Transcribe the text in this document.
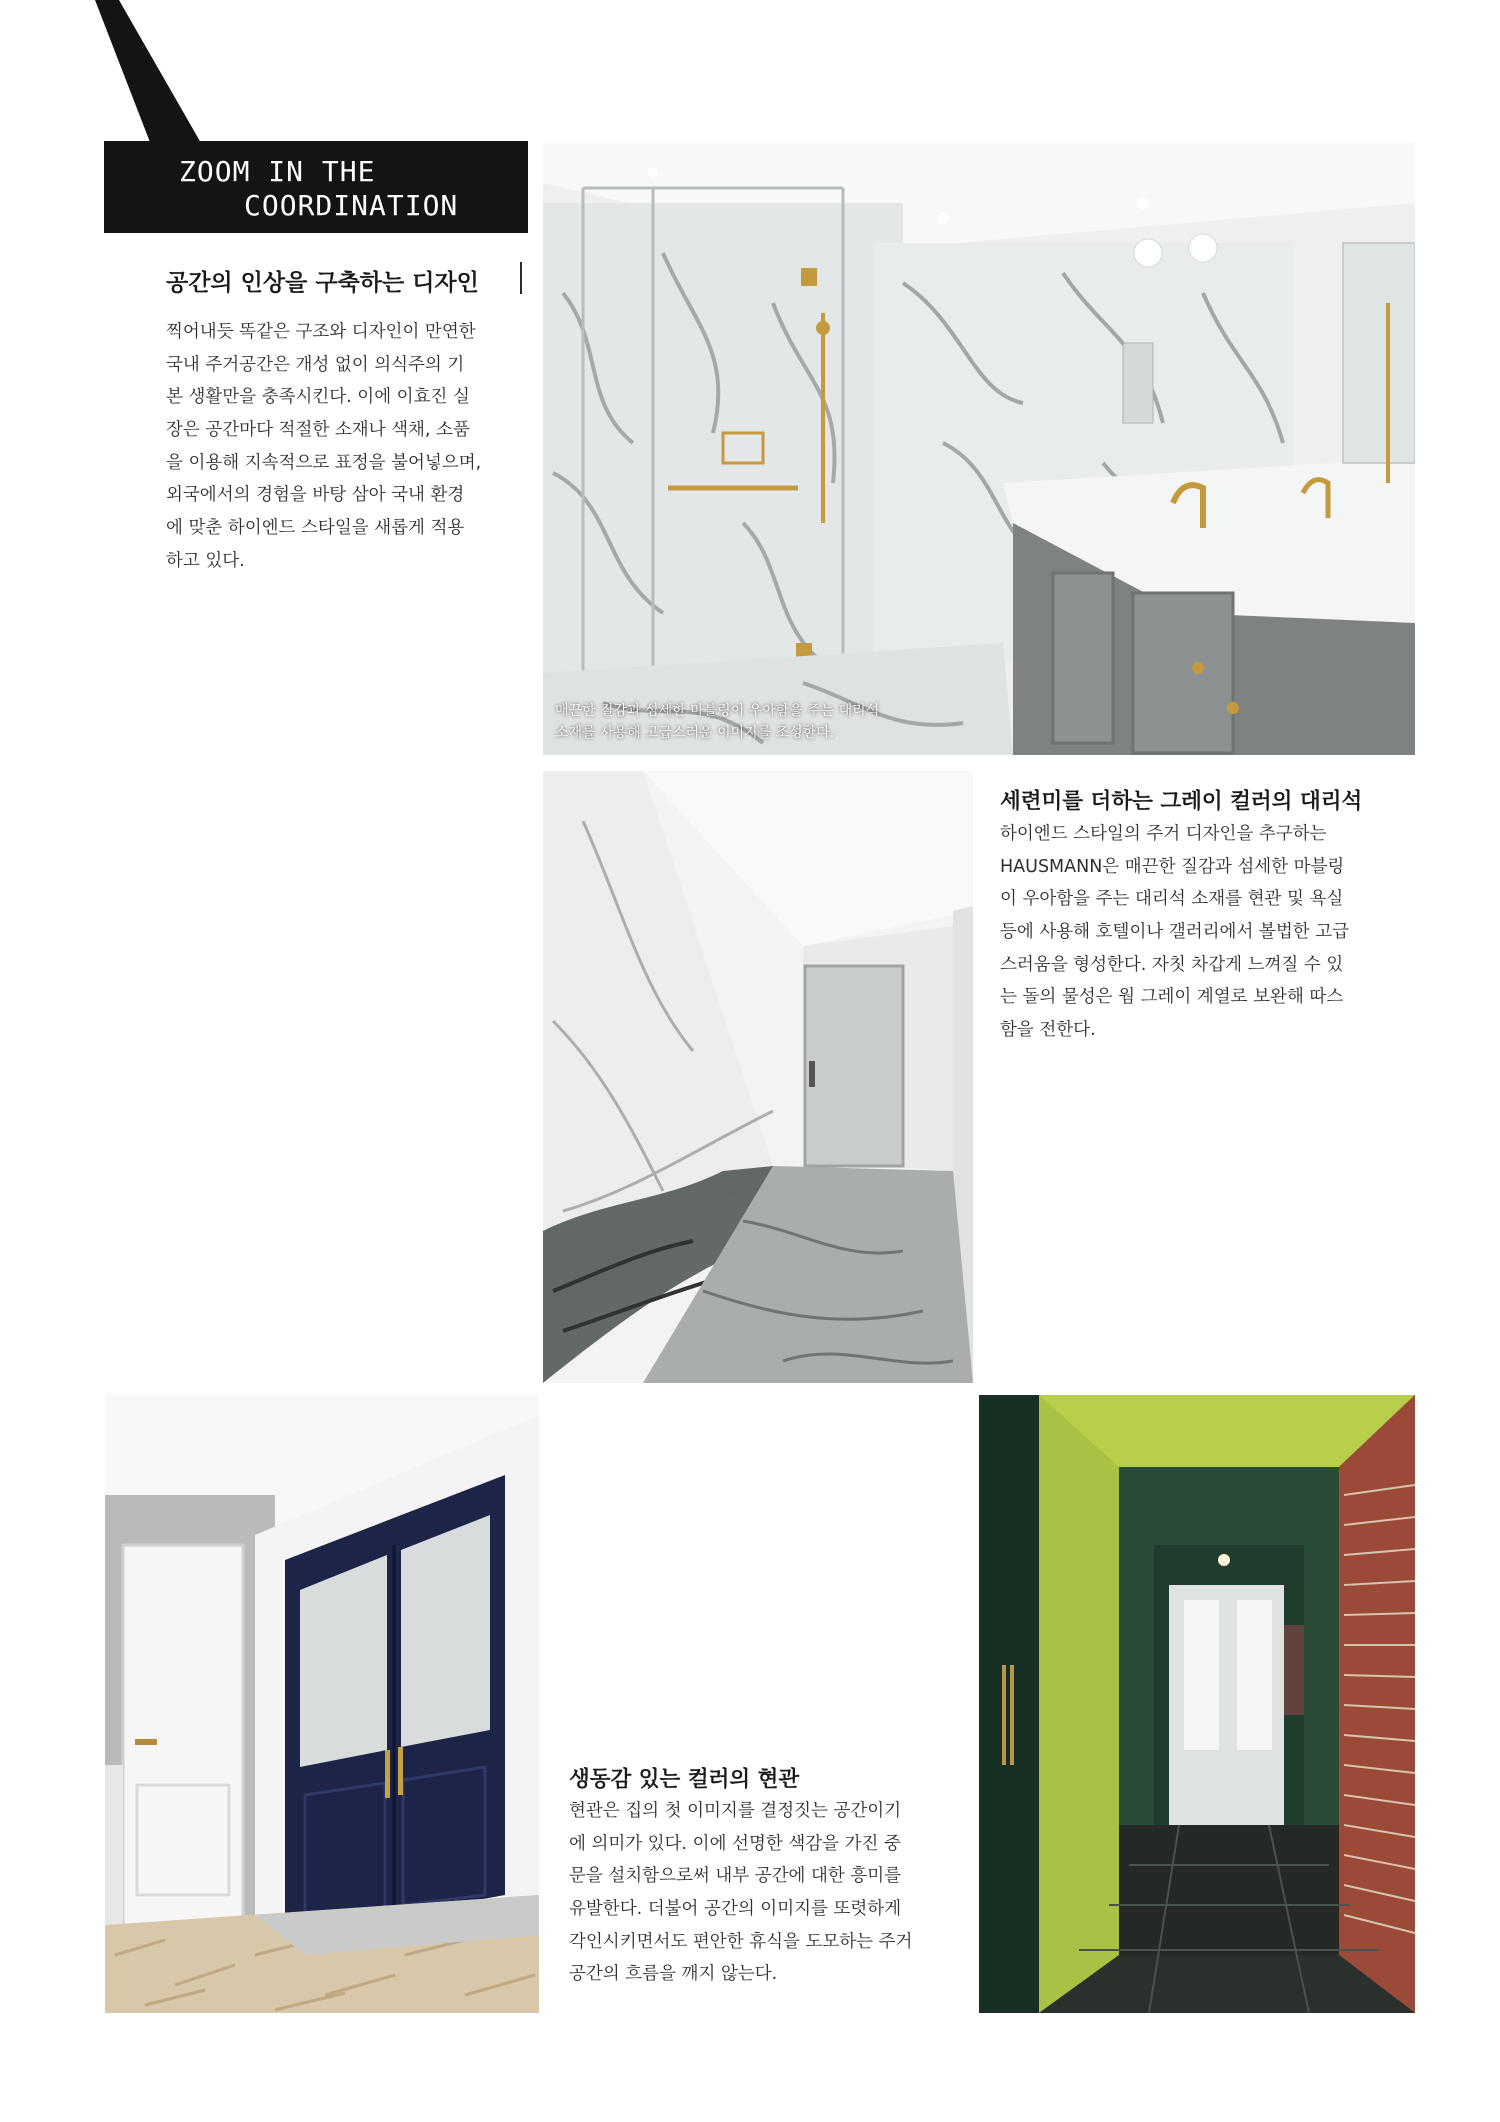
ZOOM IN THE
COORDINATION
공간의 인상을 구축하는 디자인
찍어내듯 똑같은 구조와 디자인이 만연한
국내 주거공간은 개성 없이 의식주의 기
본 생활만을 충족시킨다. 이에 이효진 실
장은 공간마다 적절한 소재나 색채, 소품
을 이용해 지속적으로 표정을 불어넣으며,
외국에서의 경험을 바탕 삼아 국내 환경
에 맞춘 하이엔드 스타일을 새롭게 적용
하고 있다.
매끈한 질감과 섬세한 마블링이 우아함을 주는 대리석
소재를 사용해 고급스러운 이미지를 조성한다.
세련미를 더하는 그레이 컬러의 대리석
하이엔드 스타일의 주거 디자인을 추구하는
HAUSMANN은 매끈한 질감과 섬세한 마블링
이 우아함을 주는 대리석 소재를 현관 및 욕실
등에 사용해 호텔이나 갤러리에서 볼법한 고급
스러움을 형성한다. 자칫 차갑게 느껴질 수 있
는 돌의 물성은 웜 그레이 계열로 보완해 따스
함을 전한다.
생동감 있는 컬러의 현관
현관은 집의 첫 이미지를 결정짓는 공간이기
에 의미가 있다. 이에 선명한 색감을 가진 중
문을 설치함으로써 내부 공간에 대한 흥미를
유발한다. 더불어 공간의 이미지를 또렷하게
각인시키면서도 편안한 휴식을 도모하는 주거
공간의 흐름을 깨지 않는다.
